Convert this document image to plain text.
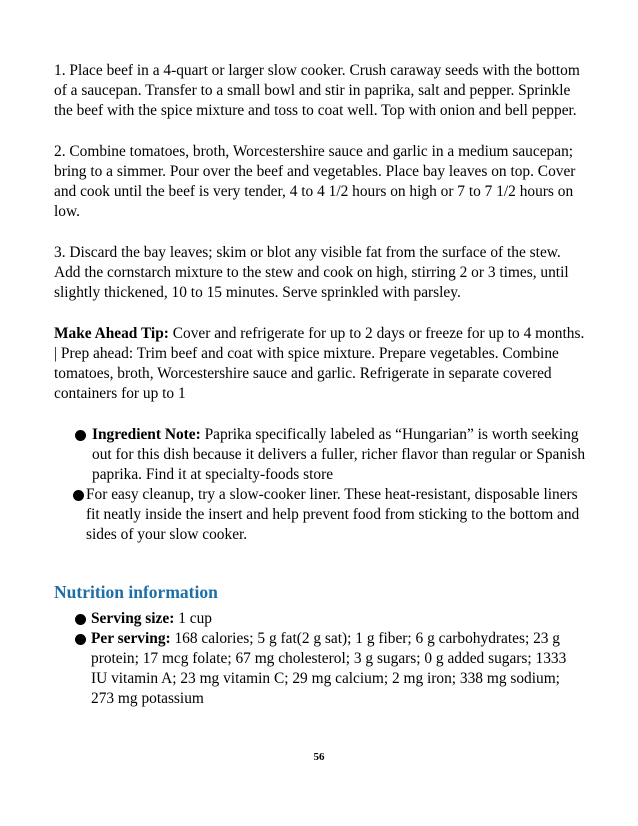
1. Place beef in a 4-quart or larger slow cooker. Crush caraway seeds with the bottom of a saucepan. Transfer to a small bowl and stir in paprika, salt and pepper. Sprinkle the beef with the spice mixture and toss to coat well. Top with onion and bell pepper.

2. Combine tomatoes, broth, Worcestershire sauce and garlic in a medium saucepan; bring to a simmer. Pour over the beef and vegetables. Place bay leaves on top. Cover and cook until the beef is very tender, 4 to 4 1/2 hours on high or 7 to 7 1/2 hours on low.

3. Discard the bay leaves; skim or blot any visible fat from the surface of the stew. Add the cornstarch mixture to the stew and cook on high, stirring 2 or 3 times, until slightly thickened, 10 to 15 minutes. Serve sprinkled with parsley.

Make Ahead Tip: Cover and refrigerate for up to 2 days or freeze for up to 4 months. | Prep ahead: Trim beef and coat with spice mixture. Prepare vegetables. Combine tomatoes, broth, Worcestershire sauce and garlic. Refrigerate in separate covered containers for up to 1

Ingredient Note: Paprika specifically labeled as “Hungarian” is worth seeking out for this dish because it delivers a fuller, richer flavor than regular or Spanish paprika. Find it at specialty-foods store
For easy cleanup, try a slow-cooker liner. These heat-resistant, disposable liners fit neatly inside the insert and help prevent food from sticking to the bottom and sides of your slow cooker.
Nutrition information
Serving size: 1 cup
Per serving: 168 calories; 5 g fat(2 g sat); 1 g fiber; 6 g carbohydrates; 23 g protein; 17 mcg folate; 67 mg cholesterol; 3 g sugars; 0 g added sugars; 1333 IU vitamin A; 23 mg vitamin C; 29 mg calcium; 2 mg iron; 338 mg sodium; 273 mg potassium
56
